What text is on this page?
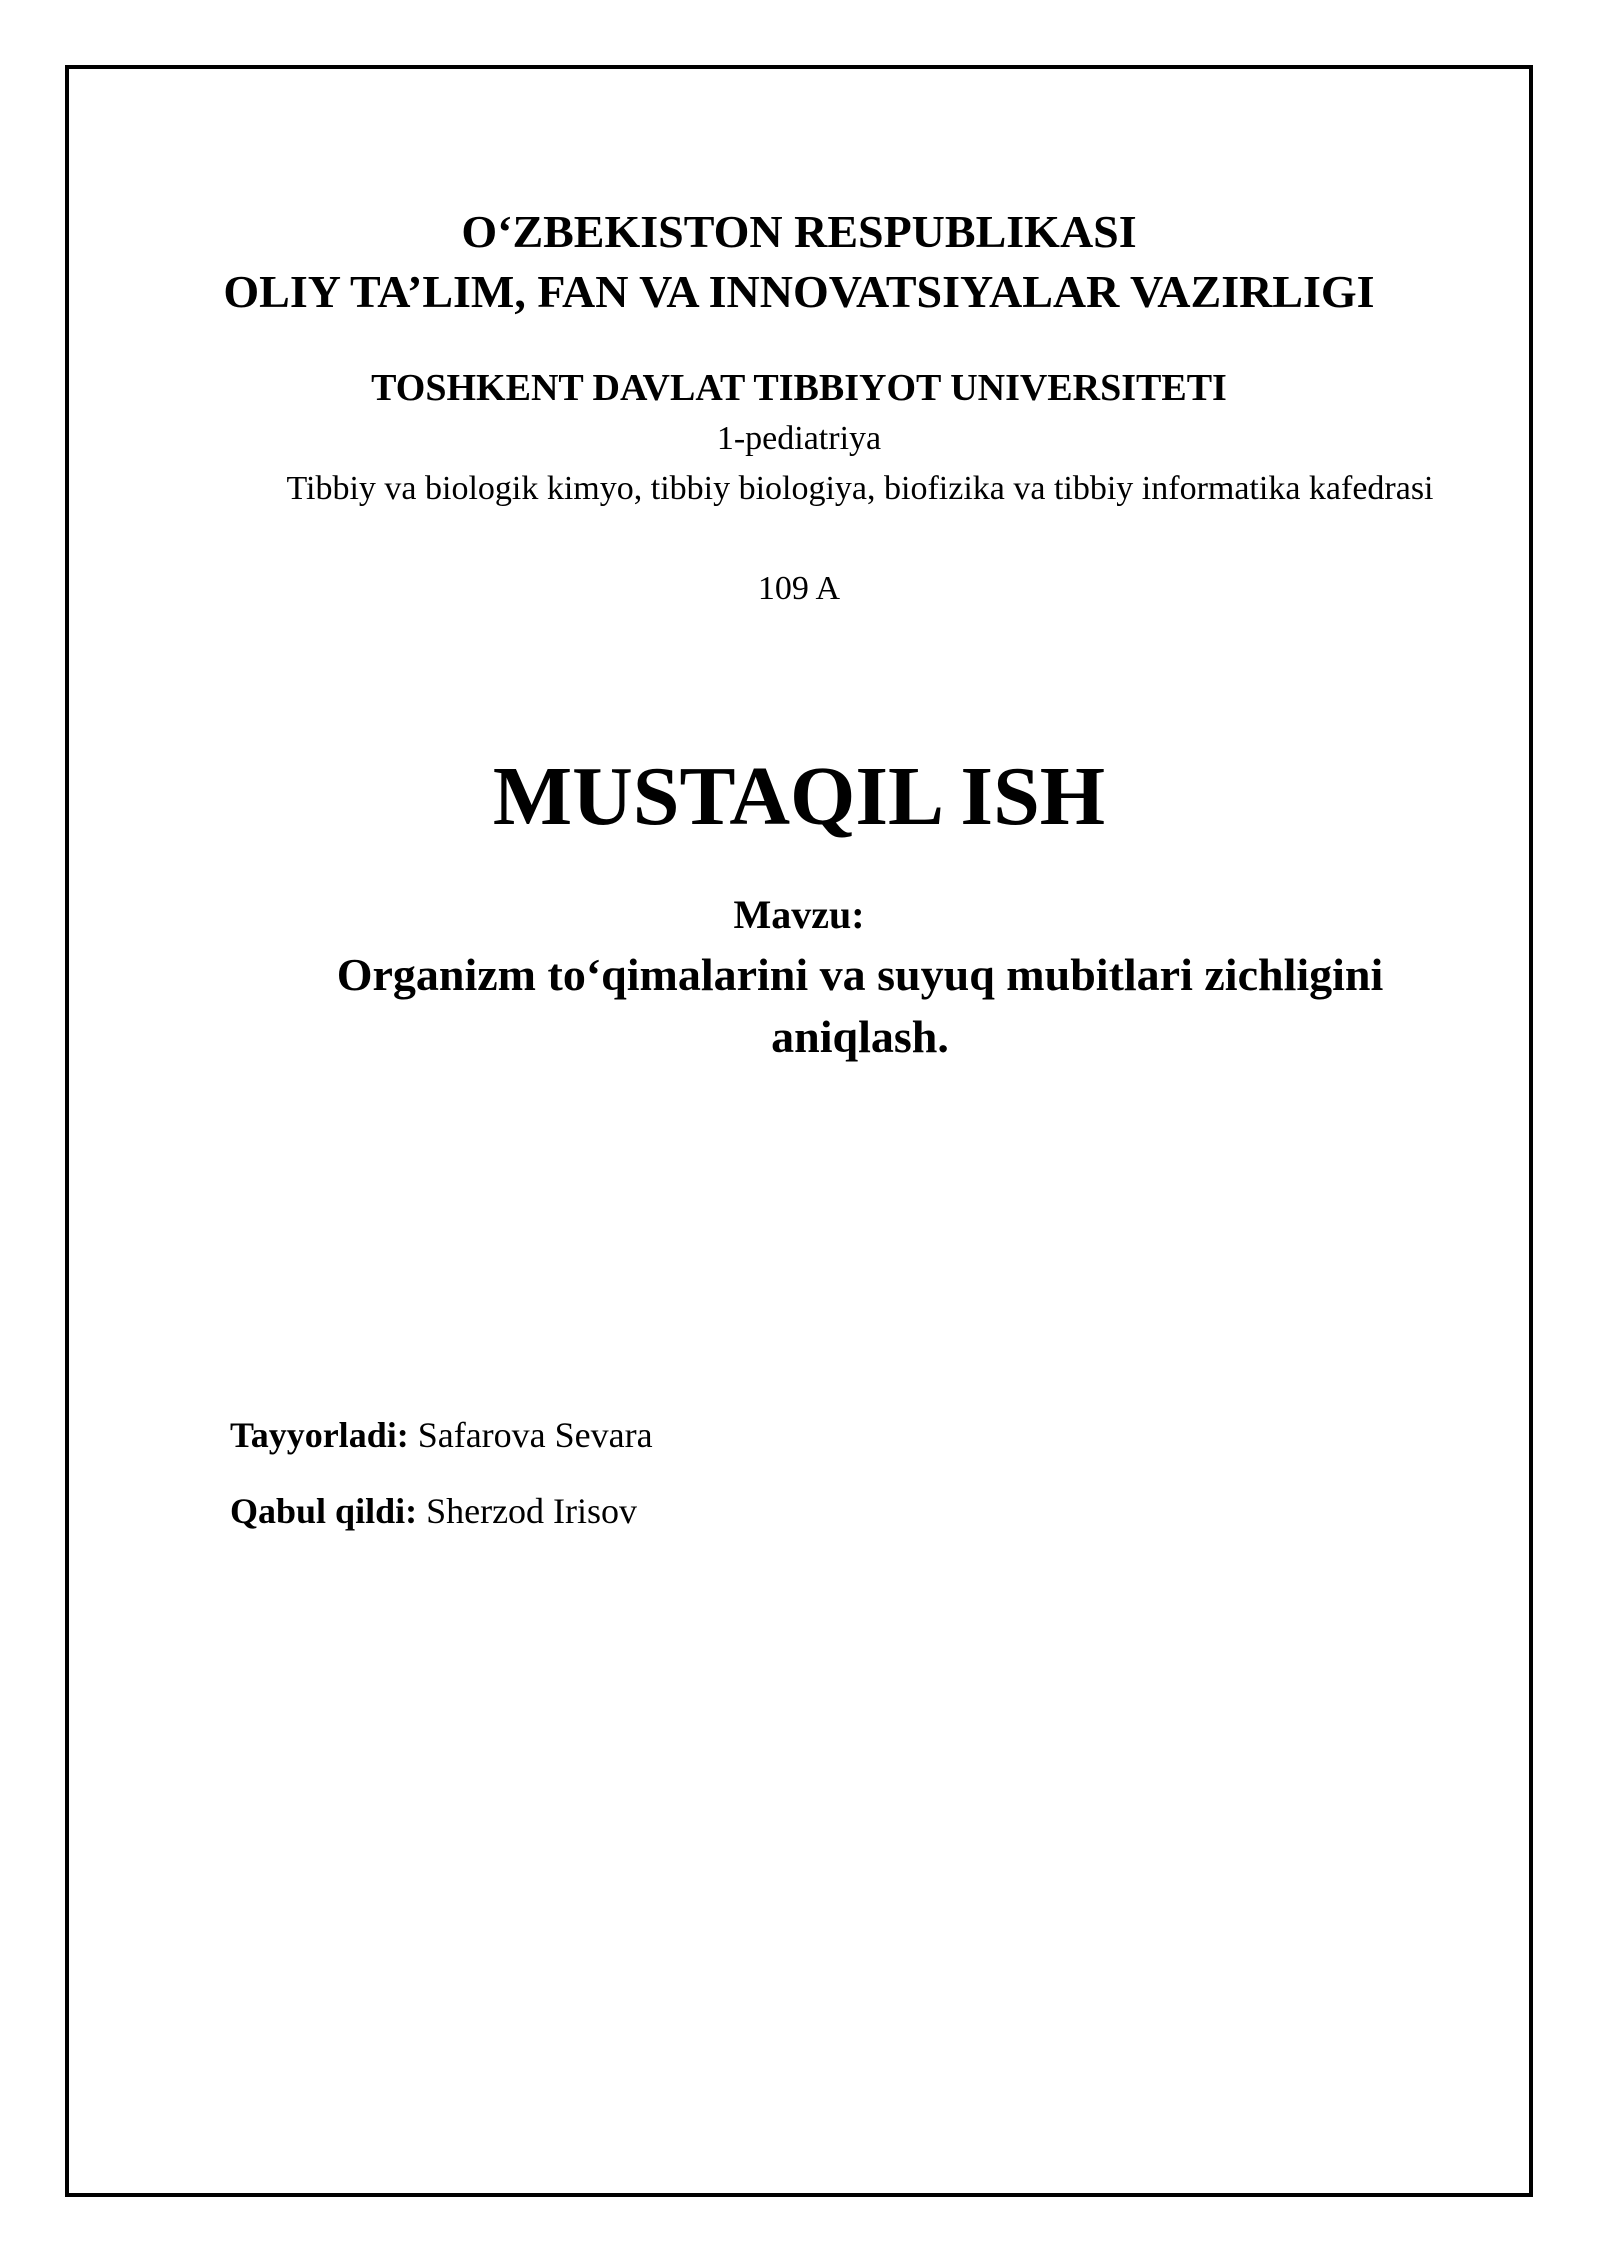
O‘ZBEKISTON RESPUBLIKASI
OLIY TA’LIM, FAN VA INNOVATSIYALAR VAZIRLIGI
TOSHKENT DAVLAT TIBBIYOT UNIVERSITETI
1-pediatriya
Tibbiy va biologik kimyo, tibbiy biologiya, biofizika va tibbiy informatika kafedrasi
109 A
MUSTAQIL ISH
Mavzu:
Organizm to‘qimalarini va suyuq mubitlari zichligini aniqlash.
Tayyorladi: Safarova Sevara
Qabul qildi: Sherzod Irisov
